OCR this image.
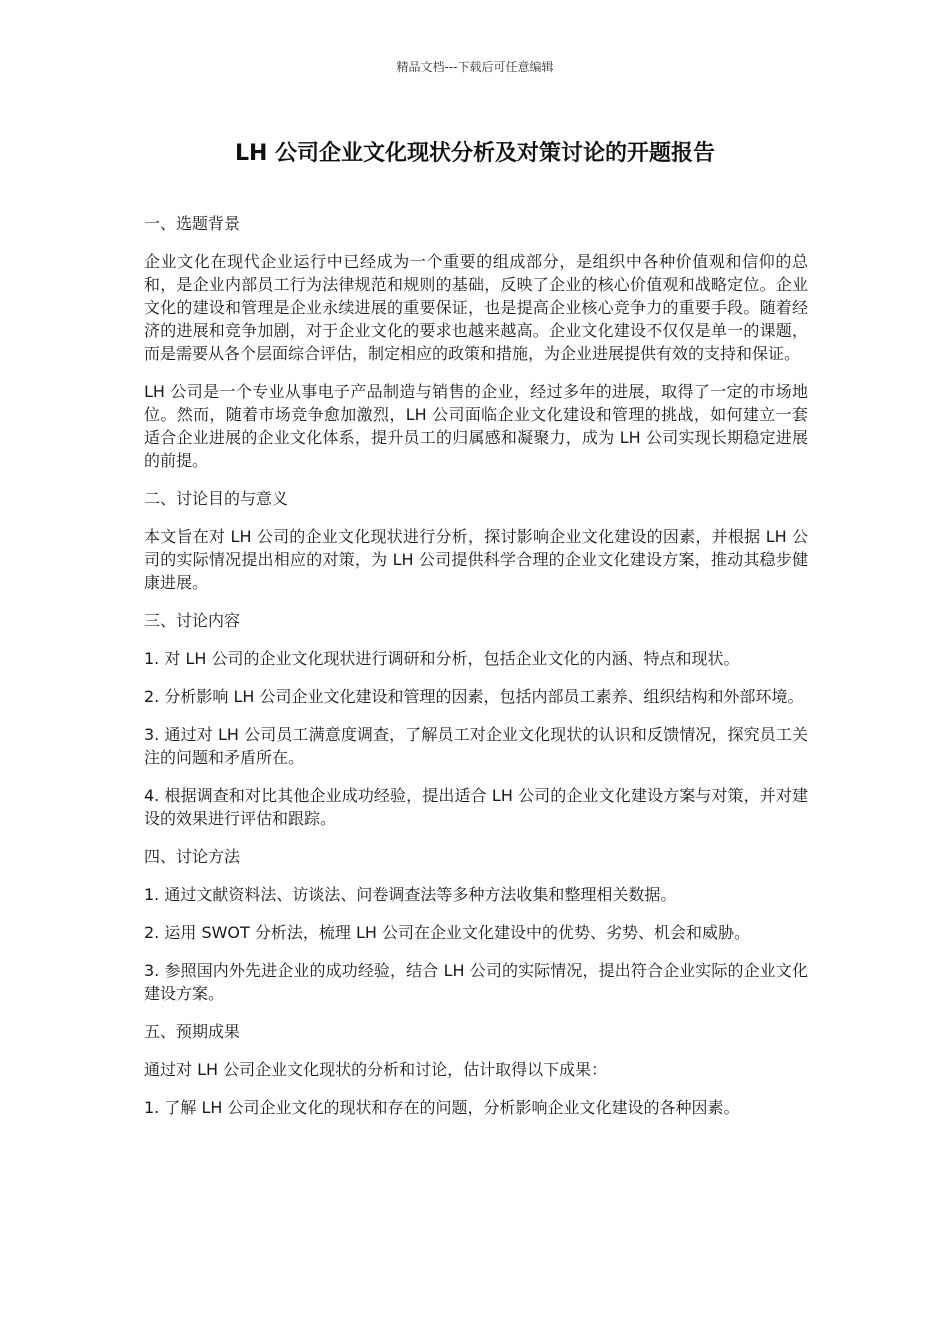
精品文档---下载后可任意编辑
LH 公司企业文化现状分析及对策讨论的开题报告

一、选题背景

企业文化在现代企业运行中已经成为一个重要的组成部分，是组织中各种价值观和信仰的总和，是企业内部员工行为法律规范和规则的基础，反映了企业的核心价值观和战略定位。企业文化的建设和管理是企业永续进展的重要保证，也是提高企业核心竞争力的重要手段。随着经济的进展和竞争加剧，对于企业文化的要求也越来越高。企业文化建设不仅仅是单一的课题，而是需要从各个层面综合评估，制定相应的政策和措施，为企业进展提供有效的支持和保证。

LH 公司是一个专业从事电子产品制造与销售的企业，经过多年的进展，取得了一定的市场地位。然而，随着市场竞争愈加激烈，LH 公司面临企业文化建设和管理的挑战，如何建立一套适合企业进展的企业文化体系，提升员工的归属感和凝聚力，成为 LH 公司实现长期稳定进展的前提。

二、讨论目的与意义

本文旨在对 LH 公司的企业文化现状进行分析，探讨影响企业文化建设的因素，并根据 LH 公司的实际情况提出相应的对策，为 LH 公司提供科学合理的企业文化建设方案，推动其稳步健康进展。

三、讨论内容

1. 对 LH 公司的企业文化现状进行调研和分析，包括企业文化的内涵、特点和现状。

2. 分析影响 LH 公司企业文化建设和管理的因素，包括内部员工素养、组织结构和外部环境。

3. 通过对 LH 公司员工满意度调查，了解员工对企业文化现状的认识和反馈情况，探究员工关注的问题和矛盾所在。

4. 根据调查和对比其他企业成功经验，提出适合 LH 公司的企业文化建设方案与对策，并对建设的效果进行评估和跟踪。

四、讨论方法

1. 通过文献资料法、访谈法、问卷调查法等多种方法收集和整理相关数据。

2. 运用 SWOT 分析法，梳理 LH 公司在企业文化建设中的优势、劣势、机会和威胁。

3. 参照国内外先进企业的成功经验，结合 LH 公司的实际情况，提出符合企业实际的企业文化建设方案。

五、预期成果

通过对 LH 公司企业文化现状的分析和讨论，估计取得以下成果：

1. 了解 LH 公司企业文化的现状和存在的问题，分析影响企业文化建设的各种因素。
